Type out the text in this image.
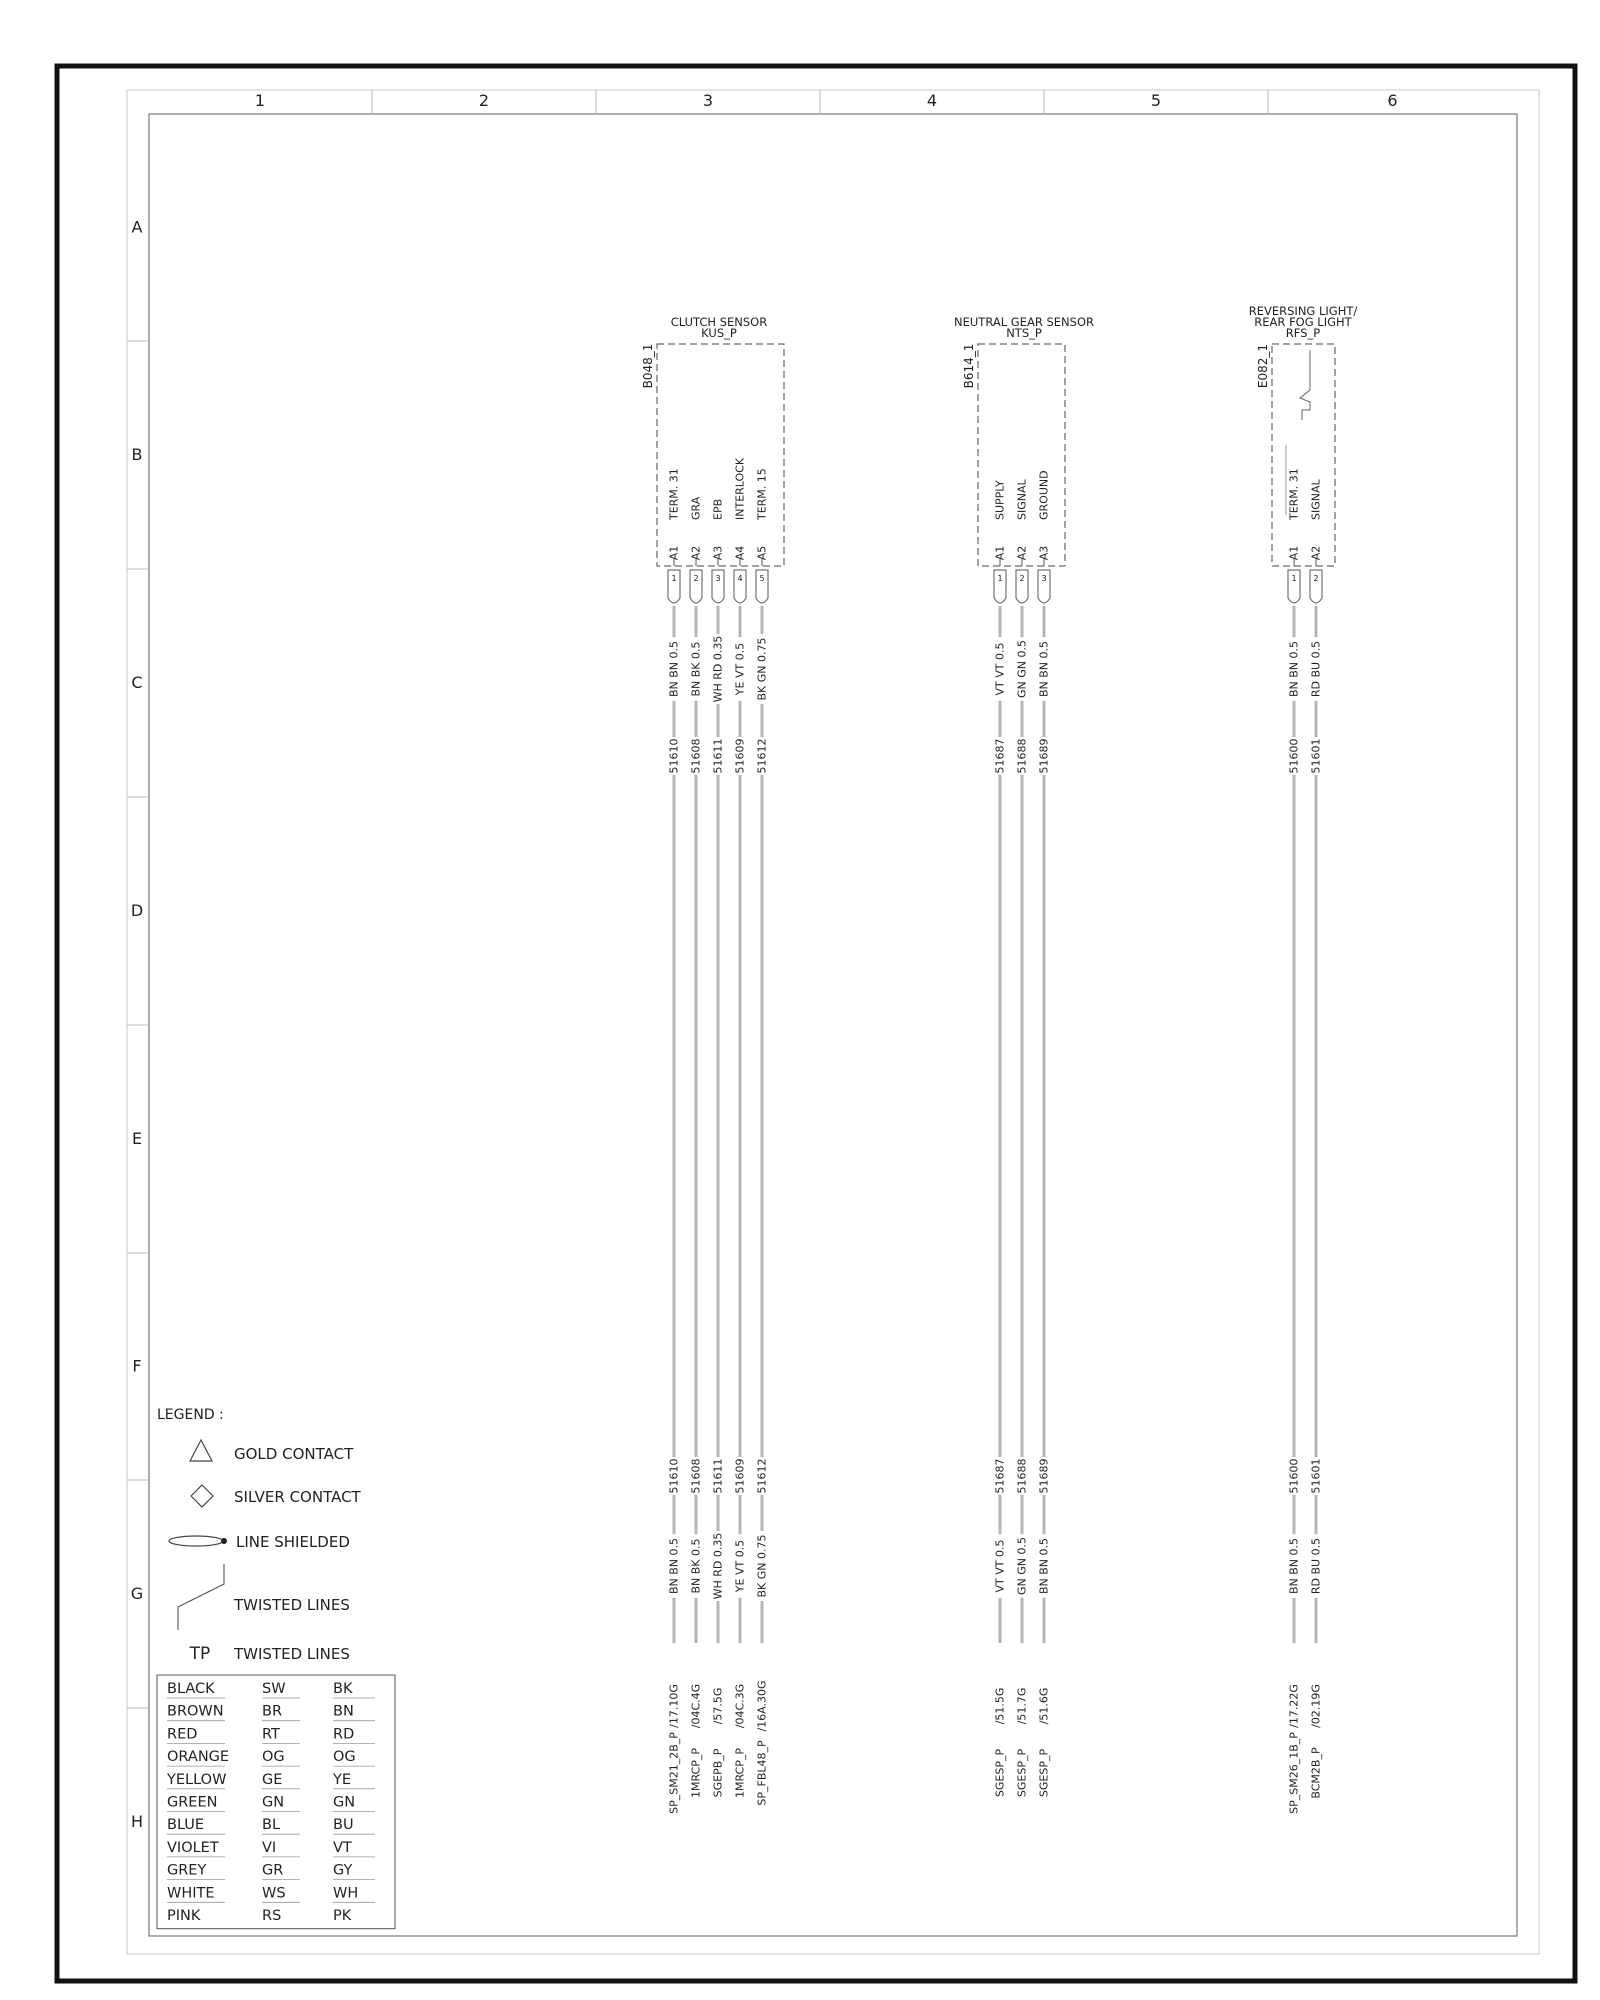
1	2	3	4	5	6
A
B
C
D
E
F
G
H
CLUTCH SENSOR
KUS_P
B048_1
TERM. 31
A1
1
BN BN 0.5
51610
51610
BN BN 0.5
/17.10G
SP_SM21_2B_P
GRA
A2
2
BN BK 0.5
51608
51608
BN BK 0.5
/04C.4G
1MRCP_P
EPB
A3
3
WH RD 0.35
51611
51611
WH RD 0.35
/57.5G
SGEPB_P
INTERLOCK
A4
4
YE VT 0.5
51609
51609
YE VT 0.5
/04C.3G
1MRCP_P
TERM. 15
A5
5
BK GN 0.75
51612
51612
BK GN 0.75
/16A.30G
SP_FBL48_P
NEUTRAL GEAR SENSOR
NTS_P
B614_1
SUPPLY
A1
1
VT VT 0.5
51687
51687
VT VT 0.5
/51.5G
SGESP_P
SIGNAL
A2
2
GN GN 0.5
51688
51688
GN GN 0.5
/51.7G
SGESP_P
GROUND
A3
3
BN BN 0.5
51689
51689
BN BN 0.5
/51.6G
SGESP_P
REVERSING LIGHT/
REAR FOG LIGHT
RFS_P
E082_1
TERM. 31
A1
1
BN BN 0.5
51600
51600
BN BN 0.5
/17.22G
SP_SM26_1B_P
SIGNAL
A2
2
RD BU 0.5
51601
51601
RD BU 0.5
/02.19G
BCM2B_P
LEGEND :
GOLD CONTACT
SILVER CONTACT
LINE SHIELDED
TWISTED LINES
TP TWISTED LINES
BLACK	SW	BK
BROWN	BR	BN
RED	RT	RD
ORANGE OG	OG
YELLOW GE	YE
GREEN	GN	GN
BLUE	BL	BU
VIOLET	VI	VT
GREY	GR	GY
WHITE	WS	WH
PINK	RS	PK
